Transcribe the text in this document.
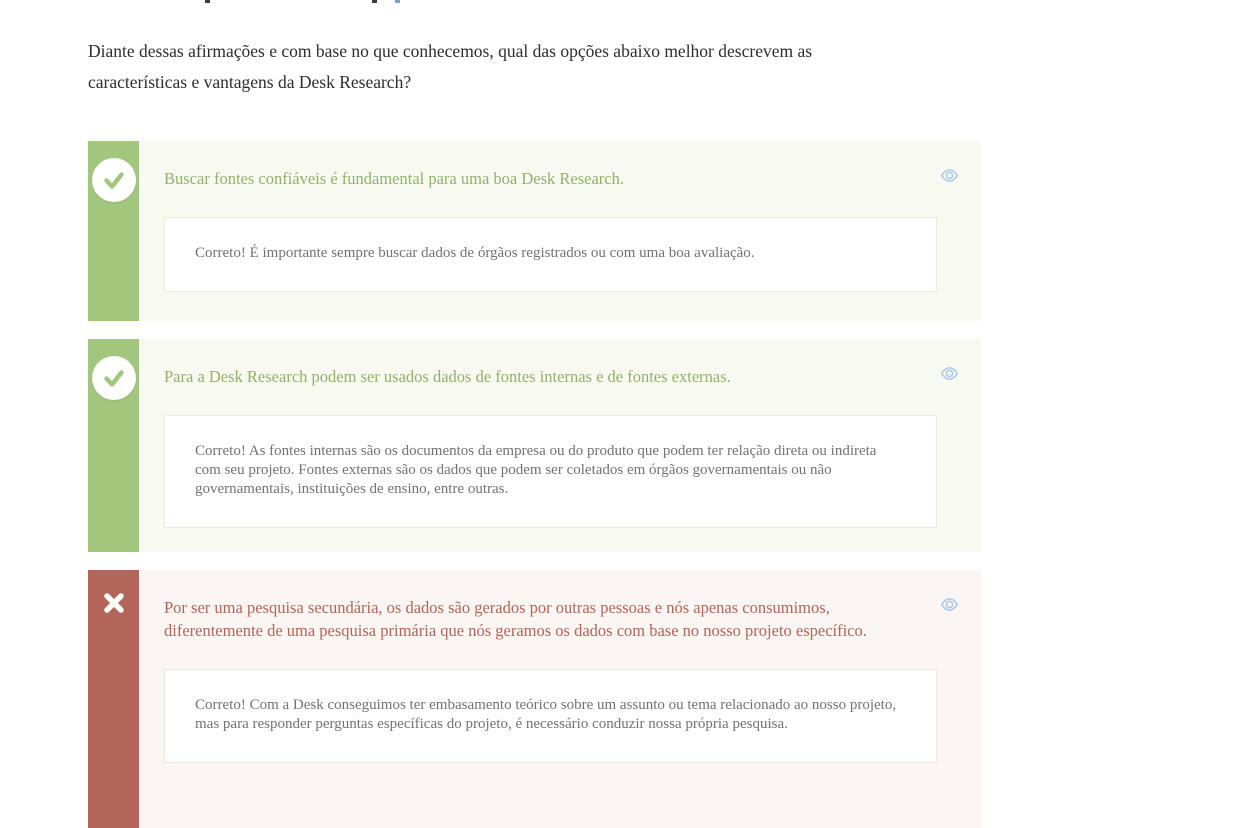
Diante dessas afirmações e com base no que conhecemos, qual das opções abaixo melhor descrevem as características e vantagens da Desk Research?
Buscar fontes confiáveis é fundamental para uma boa Desk Research.
Correto! É importante sempre buscar dados de órgãos registrados ou com uma boa avaliação.
Para a Desk Research podem ser usados dados de fontes internas e de fontes externas.
Correto! As fontes internas são os documentos da empresa ou do produto que podem ter relação direta ou indireta com seu projeto. Fontes externas são os dados que podem ser coletados em órgãos governamentais ou não governamentais, instituições de ensino, entre outras.
Por ser uma pesquisa secundária, os dados são gerados por outras pessoas e nós apenas consumimos, diferentemente de uma pesquisa primária que nós geramos os dados com base no nosso projeto específico.
Correto! Com a Desk conseguimos ter embasamento teórico sobre um assunto ou tema relacionado ao nosso projeto, mas para responder perguntas específicas do projeto, é necessário conduzir nossa própria pesquisa.
